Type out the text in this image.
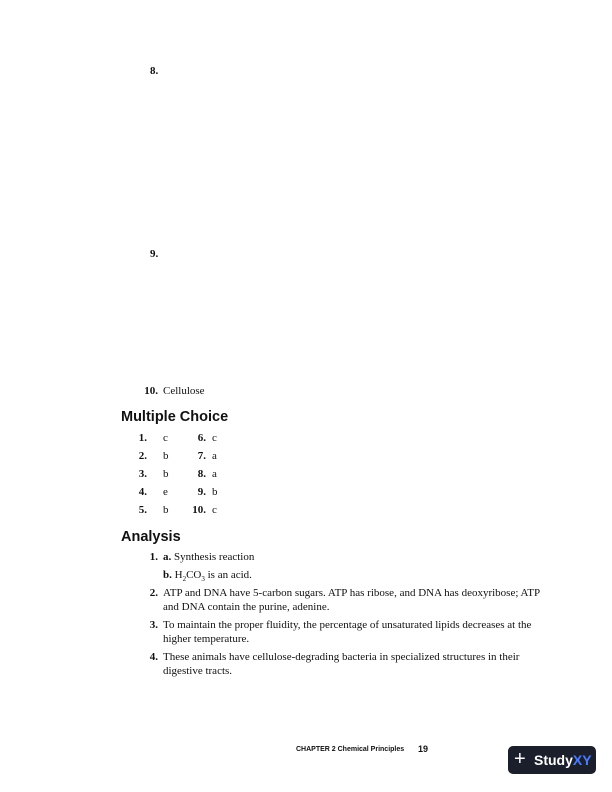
8.
9.
10. Cellulose
Multiple Choice
1. c	6. c
2. b	7. a
3. b	8. a
4. e	9. b
5. b 10. c
Analysis
1. a. Synthesis reaction
b. $H_2CO_3$ is an acid.
2. ATP and DNA have 5-carbon sugars. ATP has ribose, and DNA has deoxyribose; ATP and DNA contain the purine, adenine.
3. To maintain the proper fluidity, the percentage of unsaturated lipids decreases at the higher temperature.
4. These animals have cellulose-degrading bacteria in specialized structures in their digestive tracts.
CHAPTER 2 Chemical Principles 19	+ StudyXY
